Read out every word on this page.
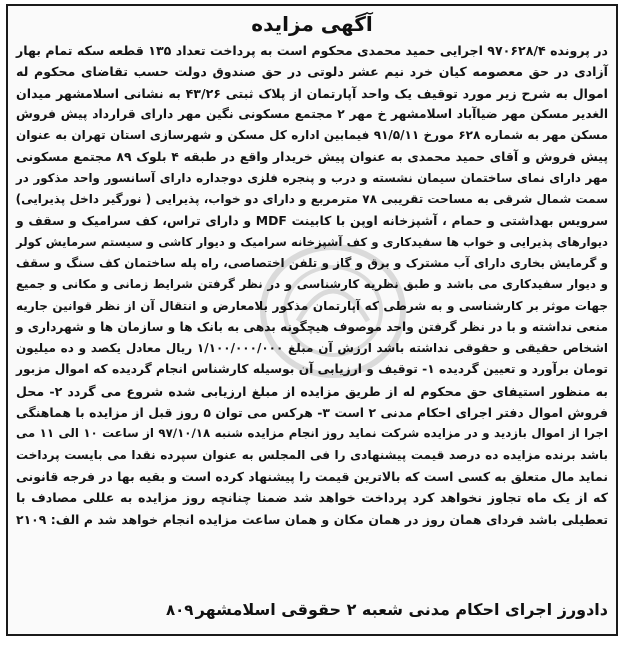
آگهی مزایده
در پرونده ۹۷۰۶۲۸/۴ اجرایی حمید محمدی محکوم است به پرداخت تعداد ۱۳۵ قطعه سکه تمام بهار
آزادی در حق معصومه کیان خرد نیم عشر دلوتی در حق صندوق دولت حسب تقاضای محکوم له
اموال به شرح زیر مورد توقیف یک واحد آپارتمان از پلاک ثبتی ۴۳/۲۶ به نشانی اسلامشهر میدان
الغدیر مسکن مهر ضیاآباد اسلامشهر خ مهر ۲ مجتمع مسکونی نگین مهر دارای قرارداد پیش فروش
مسکن مهر به شماره ۶۲۸ مورخ ۹۱/۵/۱۱ فیمابین اداره کل مسکن و شهرسازی استان تهران به عنوان
پیش فروش و آقای حمید محمدی به عنوان پیش خریدار واقع در طبقه ۴ بلوک ۸۹ مجتمع مسکونی
مهر دارای نمای ساختمان سیمان نشسته و درب و پنجره فلزی دوجداره دارای آسانسور واحد مذکور در
سمت شمال شرقی به مساحت تقریبی ۷۸ مترمربع و دارای دو خواب، پذیرایی ( نورگیر داخل پذیرایی)
سرویس بهداشتی و حمام ، آشپزخانه اوپن با کابینت MDF و دارای تراس، کف سرامیک و سقف و
دیوارهای پذیرایی و خواب ها سفیدکاری و کف آشپزخانه سرامیک و دیوار کاشی و سیستم سرمایش کولر
و گرمایش بخاری دارای آب مشترک و برق و گاز و تلفن اختصاصی، راه پله ساختمان کف سنگ و سقف
و دیوار سفیدکاری می باشد و طبق نظریه کارشناسی و در نظر گرفتن شرایط زمانی و مکانی و جمیع
جهات موثر بر کارشناسی و به شرطی که آپارتمان مذکور بلامعارض و انتقال آن از نظر قوانین جاریه
منعی نداشته و با در نظر گرفتن واحد موصوف هیچگونه بدهی به بانک ها و سازمان ها و شهرداری و
اشخاص حقیقی و حقوقی نداشته باشد ارزش آن مبلغ ۱/۱۰۰/۰۰۰/۰۰۰ ریال معادل یکصد و ده میلیون
تومان برآورد و تعیین گردیده ۱- توقیف و ارزیابی آن بوسیله کارشناس انجام گردیده که اموال مزبور
به منظور استیفای حق محکوم له از طریق مزایده از مبلغ ارزیابی شده شروع می گردد ۲- محل
فروش اموال دفتر اجرای احکام مدنی ۲ است ۳- هرکس می توان ۵ روز قبل از مزایده با هماهنگی
اجرا از اموال بازدید و در مزایده شرکت نماید روز انجام مزایده شنبه ۹۷/۱۰/۱۸ از ساعت ۱۰ الی ۱۱ می
باشد برنده مزایده ده درصد قیمت پیشنهادی را فی المجلس به عنوان سپرده نقدا می بایست پرداخت
نماید مال متعلق به کسی است که بالاترین قیمت را پیشنهاد کرده است و بقیه بها در فرجه قانونی
که از یک ماه تجاوز نخواهد کرد پرداخت خواهد شد ضمنا چنانچه روز مزایده به عللی مصادف با
تعطیلی باشد فردای همان روز در همان مکان و همان ساعت مزایده انجام خواهد شد م الف: ۲۱۰۹
دادورز اجرای احکام مدنی شعبه ۲ حقوقی اسلامشهر
۸۰۹
